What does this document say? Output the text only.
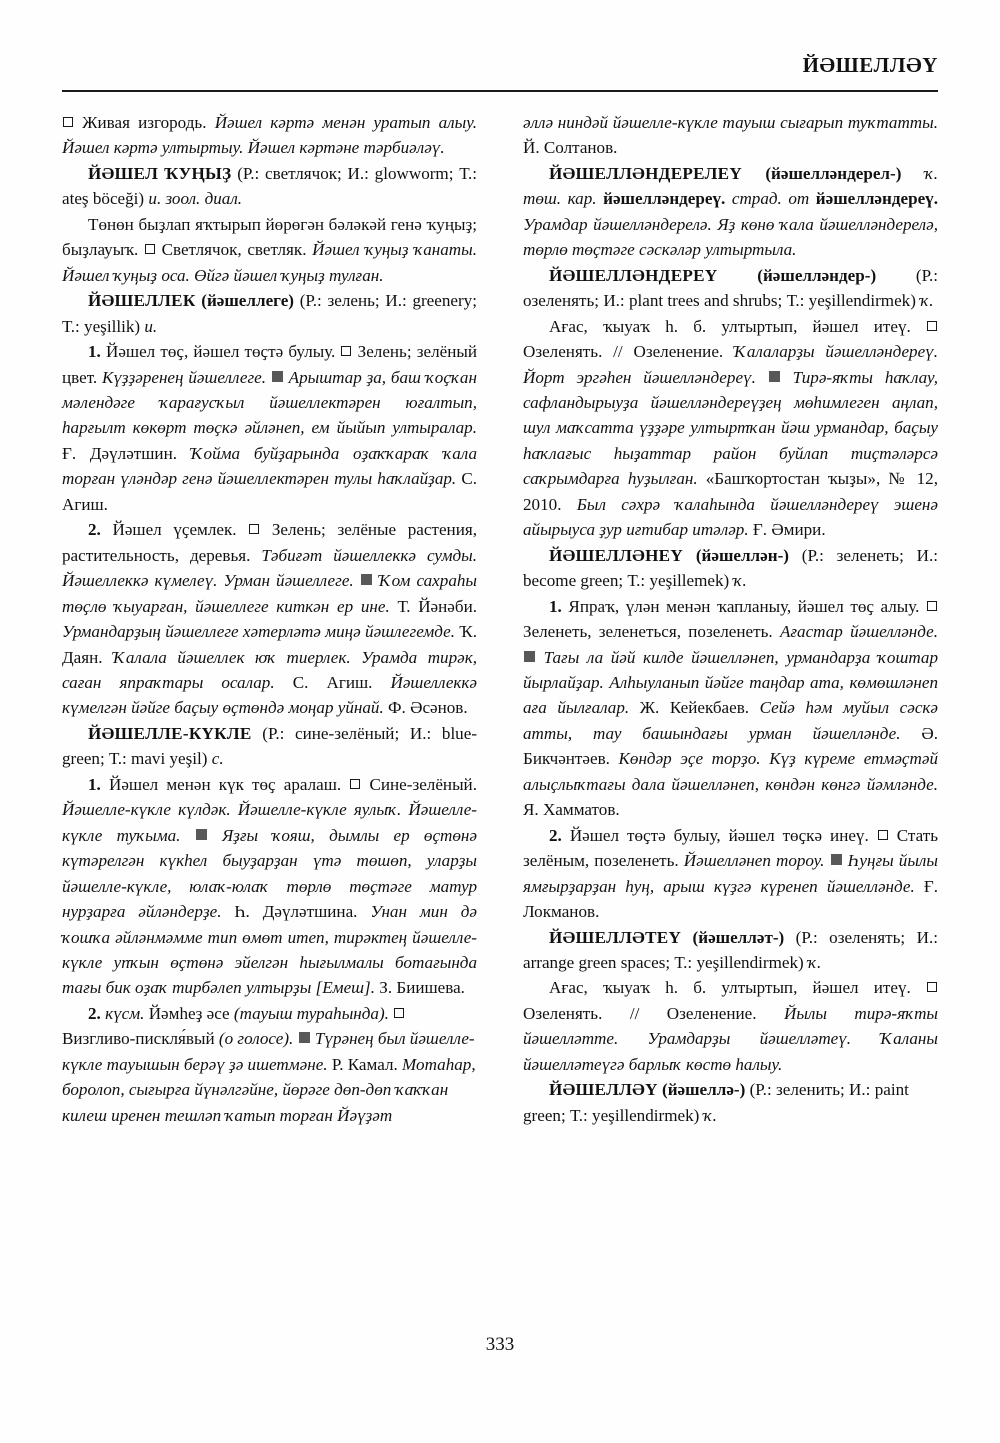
ЙӘШЕЛЛӘҮ

Живая изгородь. Йәшел кәртә менән уратып алыу. Йәшел кәртә ултыртыу. Йәшел кәртәне тәрбиәләү.

ЙӘШЕЛ ҠУҢЫҘ (Р.: светлячок; И.: glowworm; Т.: ateş böceği) и. зоол. диал.

Төнөн быҙлап яҡтырып йөрөгән бәләкәй генә ҡуңыҙ; быҙлауыҡ. Светлячок, светляк. Йәшел ҡуңыҙ ҡанаты. Йәшел ҡуңыҙ оса. Өйгә йәшел ҡуңыҙ тулған.

ЙӘШЕЛЛЕК (йәшеллеге) (Р.: зелень; И.: greenery; Т.: yeşillik) и.

1. Йәшел төҫ, йәшел төҫтә булыу. Зелень; зелёный цвет. Күҙҙәренең йәшеллеге. Арыштар ҙа, баш ҡоҫҡан мәлендәге ҡарағусҡыл йәшеллектәрен юғалтып, һарғылт көкөрт төҫкә әйләнеп, ем йыйып ултыралар. Ғ. Дәүләтшин. Ҡойма буйҙарында оҙаҡҡараҡ ҡала торған үләндәр генә йәшеллектәрен тулы һаҡлайҙар. С. Агиш.

2. Йәшел үҫемлек. Зелень; зелёные растения, растительность, деревья. Тәбиғәт йәшеллеккә сумды. Йәшеллеккә күмелеү. Урман йәшеллеге. Ҡом сахраһы төҫлө ҡыуарған, йәшеллеге киткән ер ине. Т. Йәнәби. Урмандарҙың йәшеллеге хәтерләтә миңә йәшлегемде. Ҡ. Даян. Ҡалала йәшеллек юҡ тиерлек. Урамда тирәк, саған япраҡтары осалар. С. Агиш. Йәшеллеккә күмелгән йәйге баҫыу өҫтөндә моңар уйнай. Ф. Әсәнов.

ЙӘШЕЛЛЕ-КҮКЛЕ (Р.: сине-зелёный; И.: blue-green; Т.: mavi yeşil) с.

1. Йәшел менән күк төҫ аралаш. Сине-зелёный. Йәшелле-күкле күлдәк. Йәшелле-күкле яулыҡ. Йәшелле-күкле туҡыма. Яҙғы ҡояш, дымлы ер өҫтөнә күтәрелгән күкһел быуҙарҙан үтә төшөп, уларҙы йәшелле-күкле, юлаҡ-юлаҡ төрлө төҫтәге матур нурҙарға әйләндерҙе. Һ. Дәүләтшина. Унан мин дә ҡошҡа әйләнмәмме тип өмөт итеп, тирәктең йәшелле-күкле упҡын өҫтөнә эйелгән һығылмалы ботағында тағы бик оҙаҡ тирбәлеп ултырҙы [Емеш]. З. Биишева.

2. күсм. Йәмһеҙ әсе (тауыш тураһында).  Визгливо-пискля́вый (о голосе). Түрәнең был йәшелле-күкле тауышын берәү ҙә ишетмәне. Р. Камал. Мотаһар, боролоп, сығырға йүнәлгәйне, йөрәге дөп-дөп ҡаҡҡан килеш иренен тешләп ҡатып торған Йәүҙәт

әллә ниндәй йәшелле-күкле тауыш сығарып туҡтатты. Й. Солтанов.

ЙӘШЕЛЛӘНДЕРЕЛЕҮ (йәшелләндерел-) ҡ. төш. кар. йәшелләндереү. страд. от йәшелләндереү. Урамдар йәшелләндерелә. Яҙ көнө ҡала йәшелләндерелә, төрлө төҫтәге сәскәләр ултыртыла.

ЙӘШЕЛЛӘНДЕРЕҮ (йәшелләндер-) (Р.: озеленять; И.: plant trees and shrubs; Т.: yeşillendirmek) ҡ.

Ағас, ҡыуаҡ һ. б. ултыртып, йәшел итеү.  Озеленять. // Озеленение. Ҡалаларҙы йәшелләндереү. Йорт эргәһен йәшелләндереү. Тирә-яҡты һаҡлау, сафландырыуҙа йәшелләндереүҙең мөһимлеген аңлап, шул маҡсатта үҙҙәре ултыртҡан йәш урмандар, баҫыу һаҡлағыс һыҙаттар район буйлап тиҫтәләрсә саҡрымдарға һуҙылған. «Башҡортостан ҡыҙы», № 12, 2010. Был сәхрә ҡалаһында йәшелләндереү эшенә айырыуса ҙур иғтибар итәләр. Ғ. Әмири.

ЙӘШЕЛЛӘНЕҮ (йәшеллән-) (Р.: зеленеть; И.: become green; Т.: yeşillemek) ҡ.

1. Япраҡ, үлән менән ҡапланыу, йәшел төҫ алыу.  Зеленеть, зеленеться, позеленеть. Ағастар йәшелләнде.  Тағы ла йәй килде йәшелләнеп, урмандарҙа ҡоштар йырлайҙар. Алһыуланып йәйге таңдар ата, көмөшләнеп аға йылғалар. Ж. Кейекбаев. Сейә һәм муйыл сәскә атты, тау башындағы урман йәшелләнде. Ә. Бикчәнтәев. Көндәр эҫе торҙо. Күҙ күреме етмәҫтәй алыҫлыҡтағы дала йәшелләнеп, көндән көнгә йәмләнде. Я. Хамматов.

2. Йәшел төҫтә булыу, йәшел төҫкә инеү. Стать зелёным, позеленеть. Йәшелләнеп тороу. Һуңғы йылы ямғырҙарҙан һуң, арыш күҙгә күренеп йәшелләнде. Ғ. Локманов.

ЙӘШЕЛЛӘТЕҮ (йәшелләт-) (Р.: озеленять; И.: arrange green spaces; Т.: yeşillendirmek) ҡ.

Ағас, ҡыуаҡ һ. б. ултыртып, йәшел итеү.  Озеленять. // Озеленение. Йылы тирә-яҡты йәшелләтте. Урамдарҙы йәшелләтеү. Ҡаланы йәшелләтеүгә барлыҡ көстө һалыу.

ЙӘШЕЛЛӘҮ (йәшеллә-) (Р.: зеленить; И.: paint green; Т.: yeşillendirmek) ҡ.

333
